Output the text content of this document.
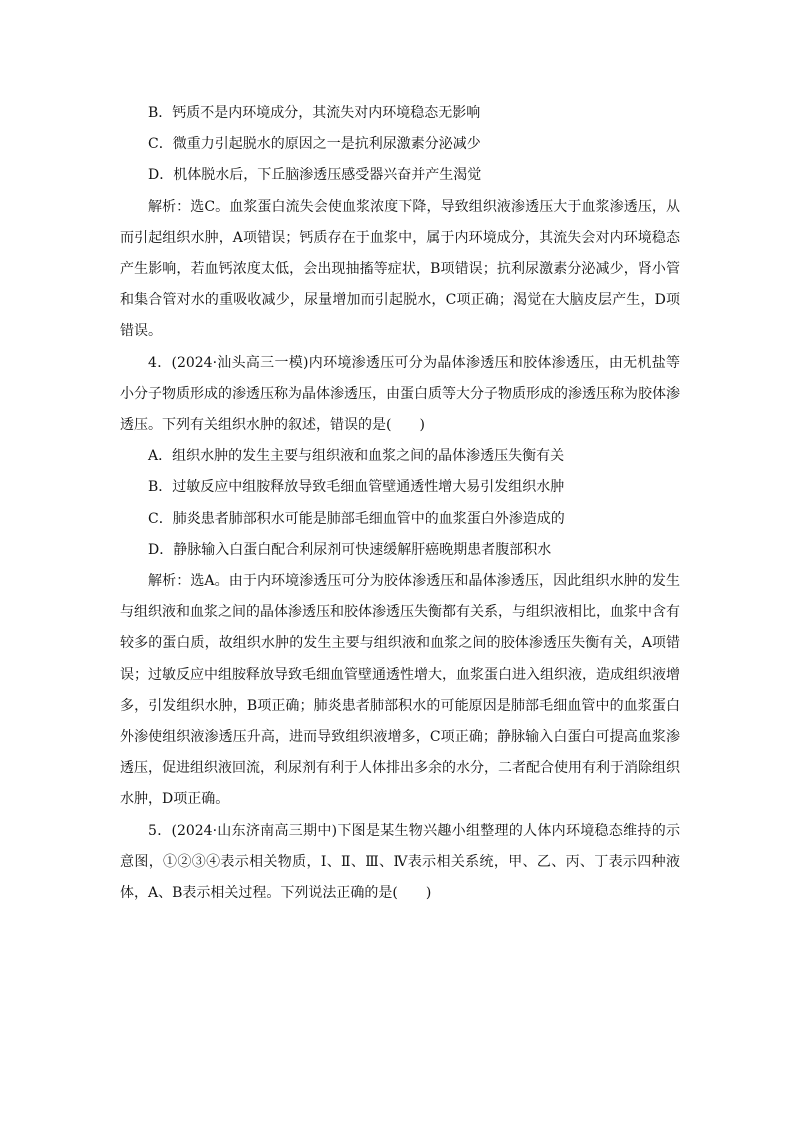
B．钙质不是内环境成分，其流失对内环境稳态无影响

C．微重力引起脱水的原因之一是抗利尿激素分泌减少

D．机体脱水后，下丘脑渗透压感受器兴奋并产生渴觉

解析：选C。血浆蛋白流失会使血浆浓度下降，导致组织液渗透压大于血浆渗透压，从而引起组织水肿，A项错误；钙质存在于血浆中，属于内环境成分，其流失会对内环境稳态产生影响，若血钙浓度太低，会出现抽搐等症状，B项错误；抗利尿激素分泌减少，肾小管和集合管对水的重吸收减少，尿量增加而引起脱水，C项正确；渴觉在大脑皮层产生，D项错误。

4．(2024·汕头高三一模)内环境渗透压可分为晶体渗透压和胶体渗透压，由无机盐等小分子物质形成的渗透压称为晶体渗透压，由蛋白质等大分子物质形成的渗透压称为胶体渗透压。下列有关组织水肿的叙述，错误的是(　　)

A．组织水肿的发生主要与组织液和血浆之间的晶体渗透压失衡有关

B．过敏反应中组胺释放导致毛细血管壁通透性增大易引发组织水肿

C．肺炎患者肺部积水可能是肺部毛细血管中的血浆蛋白外渗造成的

D．静脉输入白蛋白配合利尿剂可快速缓解肝癌晚期患者腹部积水

解析：选A。由于内环境渗透压可分为胶体渗透压和晶体渗透压，因此组织水肿的发生与组织液和血浆之间的晶体渗透压和胶体渗透压失衡都有关系，与组织液相比，血浆中含有较多的蛋白质，故组织水肿的发生主要与组织液和血浆之间的胶体渗透压失衡有关，A项错误；过敏反应中组胺释放导致毛细血管壁通透性增大，血浆蛋白进入组织液，造成组织液增多，引发组织水肿，B项正确；肺炎患者肺部积水的可能原因是肺部毛细血管中的血浆蛋白外渗使组织液渗透压升高，进而导致组织液增多，C项正确；静脉输入白蛋白可提高血浆渗透压，促进组织液回流，利尿剂有利于人体排出多余的水分，二者配合使用有利于消除组织水肿，D项正确。

5．(2024·山东济南高三期中)下图是某生物兴趣小组整理的人体内环境稳态维持的示意图，①②③④表示相关物质，Ⅰ、Ⅱ、Ⅲ、Ⅳ表示相关系统，甲、乙、丙、丁表示四种液体，A、B表示相关过程。下列说法正确的是(　　)
